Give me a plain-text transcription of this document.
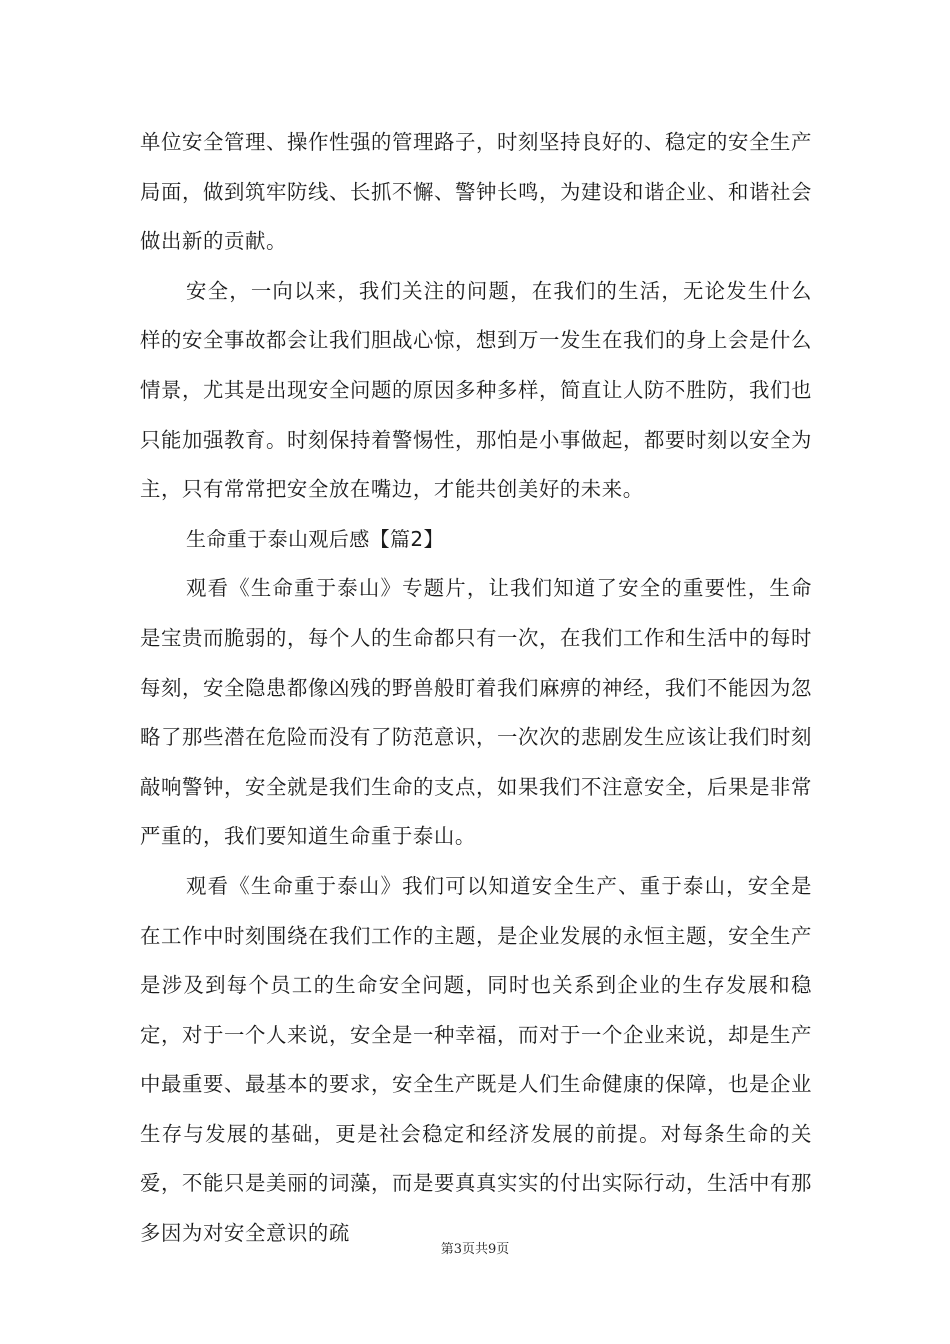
单位安全管理、操作性强的管理路子，时刻坚持良好的、稳定的安全生产局面，做到筑牢防线、长抓不懈、警钟长鸣，为建设和谐企业、和谐社会做出新的贡献。

安全，一向以来，我们关注的问题，在我们的生活，无论发生什么样的安全事故都会让我们胆战心惊，想到万一发生在我们的身上会是什么情景，尤其是出现安全问题的原因多种多样，简直让人防不胜防，我们也只能加强教育。时刻保持着警惕性，那怕是小事做起，都要时刻以安全为主，只有常常把安全放在嘴边，才能共创美好的未来。

生命重于泰山观后感【篇2】

观看《生命重于泰山》专题片，让我们知道了安全的重要性，生命是宝贵而脆弱的，每个人的生命都只有一次，在我们工作和生活中的每时每刻，安全隐患都像凶残的野兽般盯着我们麻痹的神经，我们不能因为忽略了那些潜在危险而没有了防范意识，一次次的悲剧发生应该让我们时刻敲响警钟，安全就是我们生命的支点，如果我们不注意安全，后果是非常严重的，我们要知道生命重于泰山。

观看《生命重于泰山》我们可以知道安全生产、重于泰山，安全是在工作中时刻围绕在我们工作的主题，是企业发展的永恒主题，安全生产是涉及到每个员工的生命安全问题，同时也关系到企业的生存发展和稳定，对于一个人来说，安全是一种幸福，而对于一个企业来说，却是生产中最重要、最基本的要求，安全生产既是人们生命健康的保障，也是企业生存与发展的基础，更是社会稳定和经济发展的前提。对每条生命的关爱，不能只是美丽的词藻，而是要真真实实的付出实际行动，生活中有那多因为对安全意识的疏

第3页共9页
